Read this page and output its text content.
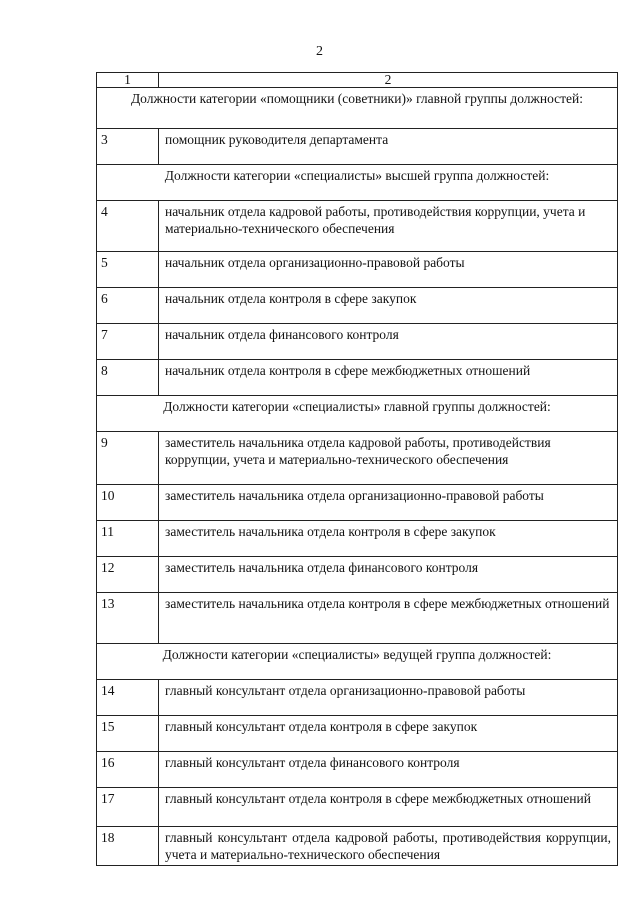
2
1	2
Должности категории «помощники (советники)» главной группы должностей:	
3	помощник руководителя департамента
Должности категории «специалисты» высшей группа должностей:	
4	начальник отдела кадровой работы, противодействия коррупции, учета и материально-технического обеспечения
5	начальник отдела организационно-правовой работы
6	начальник отдела контроля в сфере закупок
7	начальник отдела финансового контроля
8	начальник отдела контроля в сфере межбюджетных отношений
Должности категории «специалисты» главной группы должностей:	
9	заместитель начальника отдела кадровой работы, противодействия коррупции, учета и материально-технического обеспечения
10	заместитель начальника отдела организационно-правовой работы
11	заместитель начальника отдела контроля в сфере закупок
12	заместитель начальника отдела финансового контроля
13	заместитель начальника отдела контроля в сфере межбюджетных отношений
Должности категории «специалисты» ведущей группа должностей:	
14	главный консультант отдела организационно-правовой работы
15	главный консультант отдела контроля в сфере закупок
16	главный консультант отдела финансового контроля
17	главный консультант отдела контроля в сфере межбюджетных отношений
18	главный консультант отдела кадровой работы, противодействия коррупции, учета и материально-технического обеспечения
